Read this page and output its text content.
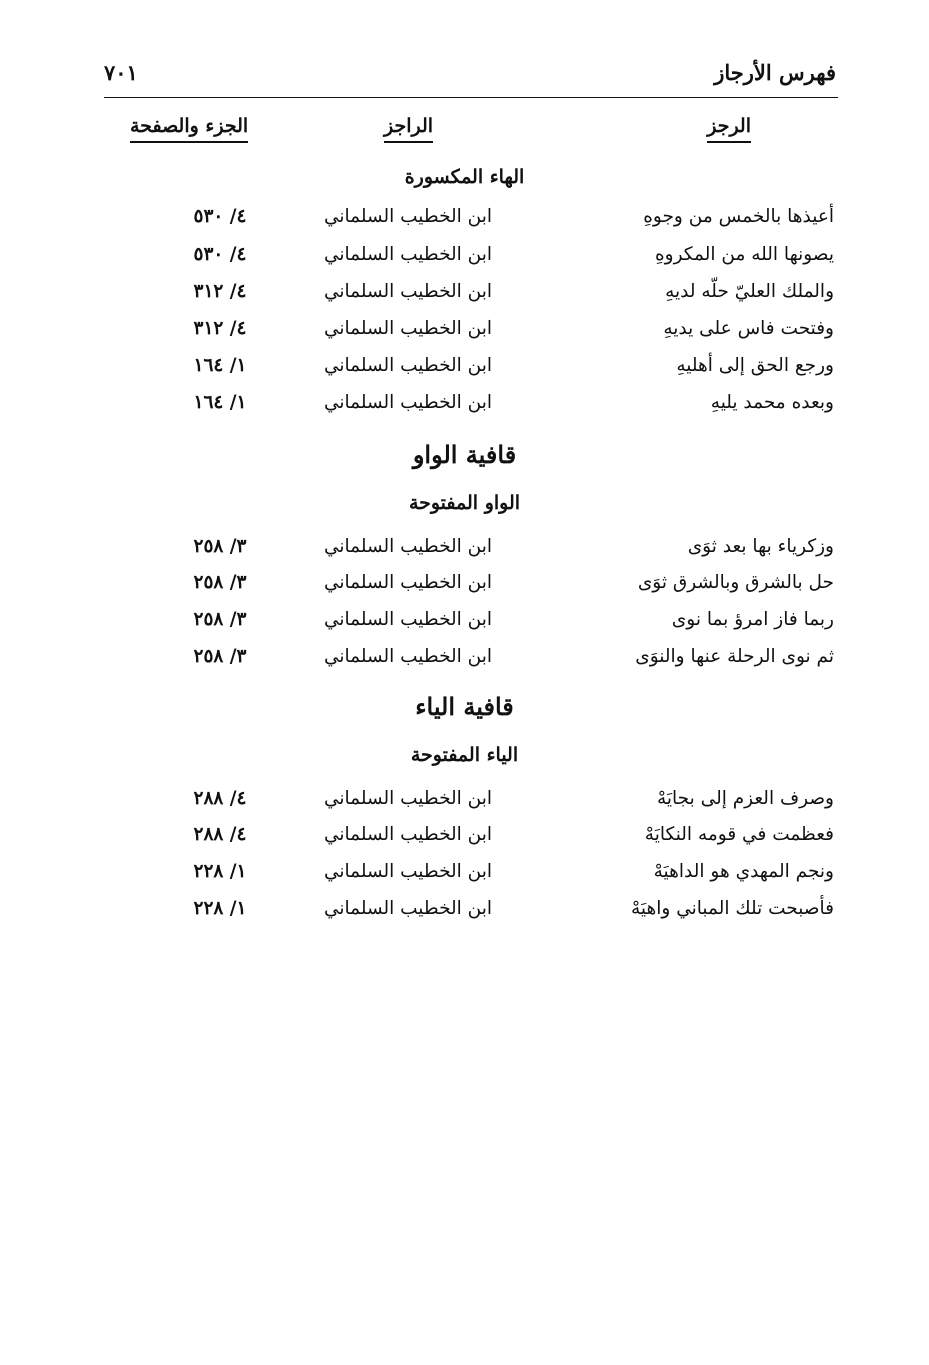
فهرس الأرجاز
٧٠١
الرجز
الراجز
الجزء والصفحة
الهاء المكسورة
أعيذها بالخمس من وجوهِ
ابن الخطيب السلماني
٤/ ٥٣٠
يصونها الله من المكروهِ
ابن الخطيب السلماني
٤/ ٥٣٠
والملك العليّ حلّه لديهِ
ابن الخطيب السلماني
٤/ ٣١٢
وفتحت فاس على يديهِ
ابن الخطيب السلماني
٤/ ٣١٢
ورجع الحق إلى أهليهِ
ابن الخطيب السلماني
١/ ١٦٤
وبعده محمد يليهِ
ابن الخطيب السلماني
١/ ١٦٤
قافية الواو
الواو المفتوحة
وزكرياء بها بعد ثوَى
ابن الخطيب السلماني
٣/ ٢٥٨
حل بالشرق وبالشرق ثوَى
ابن الخطيب السلماني
٣/ ٢٥٨
ربما فاز امرؤ بما نوى
ابن الخطيب السلماني
٣/ ٢٥٨
ثم نوى الرحلة عنها والنوَى
ابن الخطيب السلماني
٣/ ٢٥٨
قافية الياء
الياء المفتوحة
وصرف العزم إلى بجايَهْ
ابن الخطيب السلماني
٤/ ٢٨٨
فعظمت في قومه النكايَهْ
ابن الخطيب السلماني
٤/ ٢٨٨
ونجم المهدي هو الداهيَهْ
ابن الخطيب السلماني
١/ ٢٢٨
فأصبحت تلك المباني واهيَهْ
ابن الخطيب السلماني
١/ ٢٢٨
